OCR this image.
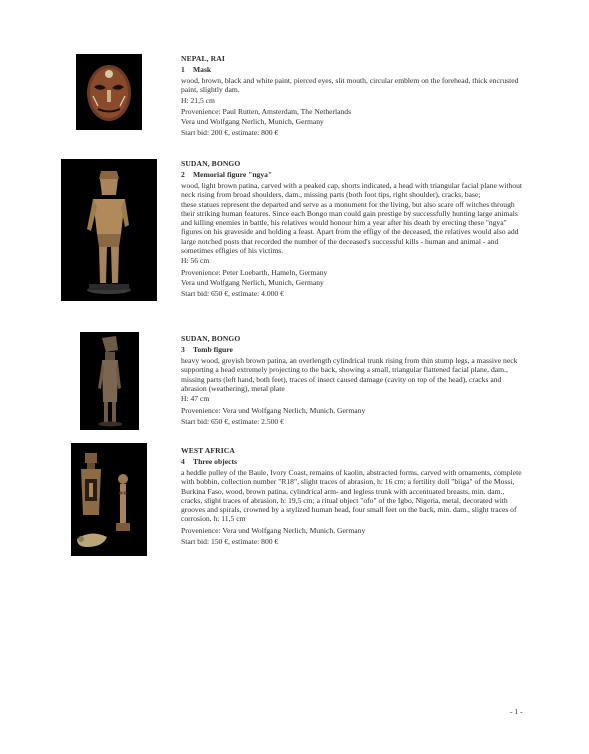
NEPAL, RAI
1 Mask
wood, brown, black and white paint, pierced eyes, slit mouth, circular emblem on the forehead, thick encrusted paint, slightly dam.
H: 21,5 cm
Provenience: Paul Rutten, Amsterdam, The Netherlands
Vera und Wolfgang Nerlich, Munich, Germany
Start bid: 200 €, estimate: 800 €
SUDAN, BONGO
2 Memorial figure "ngya"
wood, light brown patina, carved with a peaked cap, shorts indicated, a head with triangular facial plane without neck rising from broad shoulders, dam., missing parts (both foot tips, right shoulder), cracks, base;
these statues represent the departed and serve as a monument for the living, but also scare off witches through their striking human features. Since each Bongo man could gain prestige by successfully hunting large animals and killing enemies in battle, his relatives would honour him a year after his death by erecting these "ngya" figures on his graveside and holding a feast. Apart from the effigy of the deceased, the relatives would also add large notched posts that recorded the number of the deceased's successful kills - human and animal - and sometimes effigies of his victims.
H: 56 cm
Provenience: Peter Loebarth, Hameln, Germany
Vera und Wolfgang Nerlich, Munich, Germany
Start bid: 650 €, estimate: 4.000 €
SUDAN, BONGO
3 Tomb figure
heavy wood, greyish brown patina, an overlength cylindrical trunk rising from thin stump legs, a massive neck supporting a head extremely projecting to the back, showing a small, triangular flattened facial plane, dam., missing parts (left hand, both feet), traces of insect caused damage (cavity on top of the head), cracks and abrasion (weathering), metal plate
H: 47 cm
Provenience: Vera und Wolfgang Nerlich, Munich, Germany
Start bid: 650 €, estimate: 2.500 €
WEST AFRICA
4 Three objects
a heddle pulley of the Baule, Ivory Coast, remains of kaolin, abstracted forms, carved with ornaments, complete with bobbin, collection number "R18", slight traces of abrasion, h: 16 cm; a fertility doll "biiga" of the Mossi, Burkina Faso, wood, brown patina, cylindrical arm- and legless trunk with accentuated breasts, min. dam., cracks, slight traces of abrasion, h: 19,5 cm; a ritual object "ofo" of the Igbo, Nigeria, metal, decorated with grooves and spirals, crowned by a stylized human head, four small feet on the back, min. dam., slight traces of corrosion, h: 11,5 cm
Provenience: Vera und Wolfgang Nerlich, Munich, Germany
Start bid: 150 €, estimate: 800 €
- 1 -
